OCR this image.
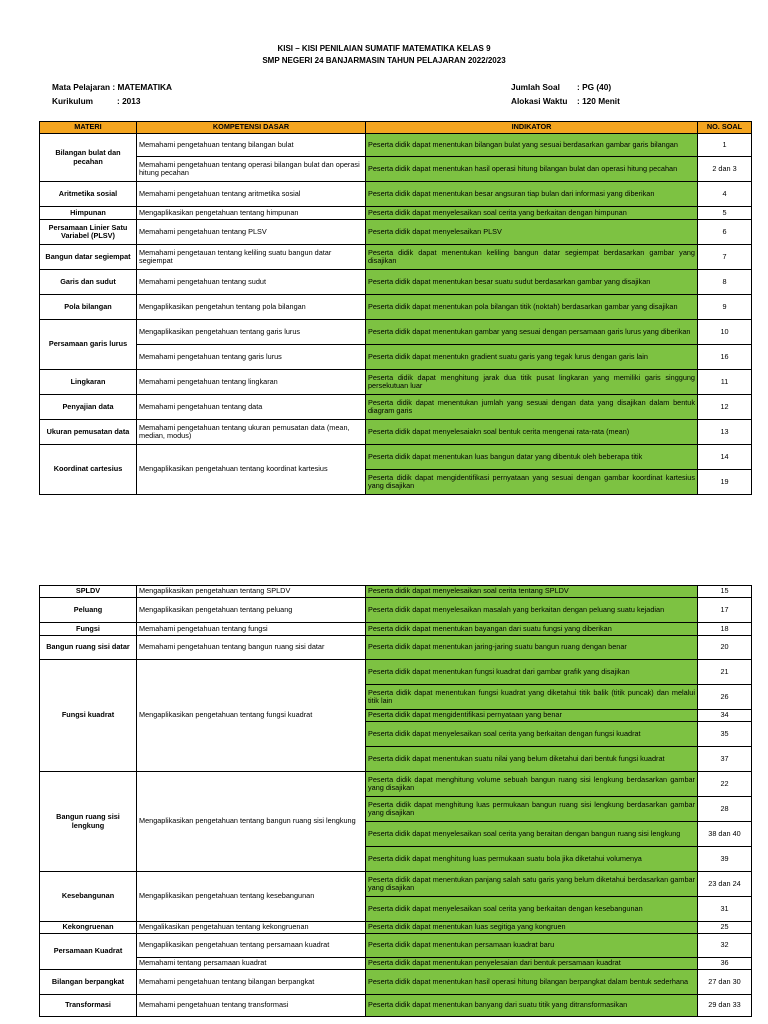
KISI – KISI PENILAIAN SUMATIF MATEMATIKA KELAS 9
SMP NEGERI 24 BANJARMASIN TAHUN PELAJARAN 2022/2023
Mata Pelajaran : MATEMATIKA
Kurikulum	: 2013
Jumlah Soal : PG (40)
Alokasi Waktu : 120 Menit
MATERI	KOMPETENSI DASAR	INDIKATOR	NO. SOAL
Bilangan bulat dan pecahan	Memahami pengetahuan tentang bilangan bulat	Peserta didik dapat menentukan bilangan bulat yang sesuai berdasarkan gambar garis bilangan	1
	Memahami pengetahuan tentang operasi bilangan bulat dan operasi hitung pecahan	Peserta didik dapat menentukan hasil operasi hitung bilangan bulat dan operasi hitung pecahan	2 dan 3
Aritmetika sosial	Memahami pengetahuan tentang aritmetika sosial	Peserta didik dapat menentukan besar angsuran tiap bulan dari informasi yang diberikan	4
Himpunan	Mengaplikasikan pengetahuan tentang himpunan	Peserta didik dapat menyelesaikan soal cerita yang berkaitan dengan himpunan	5
Persamaan Linier Satu Variabel (PLSV)	Memahami pengetahuan tentang PLSV	Peserta didik dapat menyelesaikan PLSV	6
Bangun datar segiempat	Memahami pengetauan tentang keliling suatu bangun datar segiempat	Peserta didik dapat menentukan keliling bangun datar segiempat berdasarkan gambar yang disajikan	7
Garis dan sudut	Memahami pengetahuan tentang sudut	Peserta didik dapat menentukan besar suatu sudut berdasarkan gambar yang disajikan	8
Pola bilangan	Mengaplikasikan pengetahun tentang pola bilangan	Peserta didik dapat menentukan pola bilangan titik (noktah) berdasarkan gambar yang disajikan	9
Persamaan garis lurus	Mengaplikasikan pengetahuan tentang garis lurus	Peserta didik dapat menentukan gambar yang sesuai dengan persamaan garis lurus yang diberikan	10
	Memahami pengetahuan tentang garis lurus	Peserta didik dapat menentukn gradient suatu garis yang tegak lurus dengan garis lain	16
Lingkaran	Memahami pengetahuan tentang lingkaran	Peserta didik dapat menghitung jarak dua titik pusat lingkaran yang memiliki garis singgung persekutuan luar	11
Penyajian data	Memahami pengetahuan tentang data	Peserta didik dapat menentukan jumlah yang sesuai dengan data yang disajikan dalam bentuk diagram garis	12
Ukuran pemusatan data	Memahami pengetahuan tentang ukuran pemusatan data (mean, median, modus)	Peserta didik dapat menyelesaiakn soal bentuk cerita mengenai rata-rata (mean)	13
Koordinat cartesius	Mengaplikasikan pengetahuan tentang koordinat kartesius	Peserta didik dapat menentukan luas bangun datar yang dibentuk oleh beberapa titik	14
		Peserta didik dapat mengidentifikasi pernyataan yang sesuai dengan gambar koordinat kartesius yang disajikan	19
SPLDV	Mengaplikasikan pengetahuan tentang SPLDV	Peserta didik dapat menyelesaikan soal cerita tentang SPLDV	15
Peluang	Mengaplikasikan pengetahuan tentang peluang	Peserta didik dapat menyelesaikan masalah yang berkaitan dengan peluang suatu kejadian	17
Fungsi	Memahami pengetahuan tentang fungsi	Peserta didik dapat menentukan bayangan dari suatu fungsi yang diberikan	18
Bangun ruang sisi datar	Memahami pengetahuan tentang bangun ruang sisi datar	Peserta didik dapat menentukan jaring-jaring suatu bangun ruang dengan benar	20
Fungsi kuadrat	Mengaplikasikan pengetahuan tentang fungsi kuadrat	Peserta didik dapat menentukan fungsi kuadrat dari gambar grafik yang disajikan	21
		Peserta didik dapat menentukan fungsi kuadrat yang diketahui titik balik (titik puncak) dan melalui titik lain	26
		Peserta didik dapat mengidentifikasi pernyataan yang benar	34
		Peserta didik dapat menyelesaikan soal cerita yang berkaitan dengan fungsi kuadrat	35
		Peserta didik dapat menentukan suatu nilai yang belum diketahui dari bentuk fungsi kuadrat	37
Bangun ruang sisi lengkung	Mengaplikasikan pengetahuan tentang bangun ruang sisi lengkung	Peserta didik dapat menghitung volume sebuah bangun ruang sisi lengkung berdasarkan gambar yang disajikan	22
		Peserta didik dapat menghitung luas permukaan bangun ruang sisi lengkung berdasarkan gambar yang disajikan	28
		Peserta didik dapat menyelesaikan soal cerita yang beraitan dengan bangun ruang sisi lengkung	38 dan 40
		Peserta didik dapat menghitung luas permukaan suatu bola jika diketahui volumenya	39
Kesebangunan	Mengaplikasikan pengetahuan tentang kesebangunan	Peserta didik dapat menentukan panjang salah satu garis yang belum diketahui berdasarkan gambar yang disajikan	23 dan 24
		Peserta didik dapat menyelesaikan soal cerita yang berkaitan dengan kesebangunan	31
Kekongruenan	Mengalikasikan pengetahuan tentang kekongruenan	Peserta didik dapat menentukan luas segitiga yang kongruen	25
Persamaan Kuadrat	Mengaplikasikan pengetahuan tentang persamaan kuadrat	Peserta didik dapat menentukan persamaan kuadrat baru	32
	Memahami tentang persamaan kuadrat	Peserta didik dapat menentukan penyelesaian dari bentuk persamaan kuadrat	36
Bilangan berpangkat	Memahami pengetahuan tentang bilangan berpangkat	Peserta didik dapat menentukan hasil operasi hitung bilangan berpangkat dalam bentuk sederhana	27 dan 30
Transformasi	Memahami pengetahuan tentang transformasi	Peserta didik dapat menentukan banyang dari suatu titik yang ditransformasikan	29 dan 33
